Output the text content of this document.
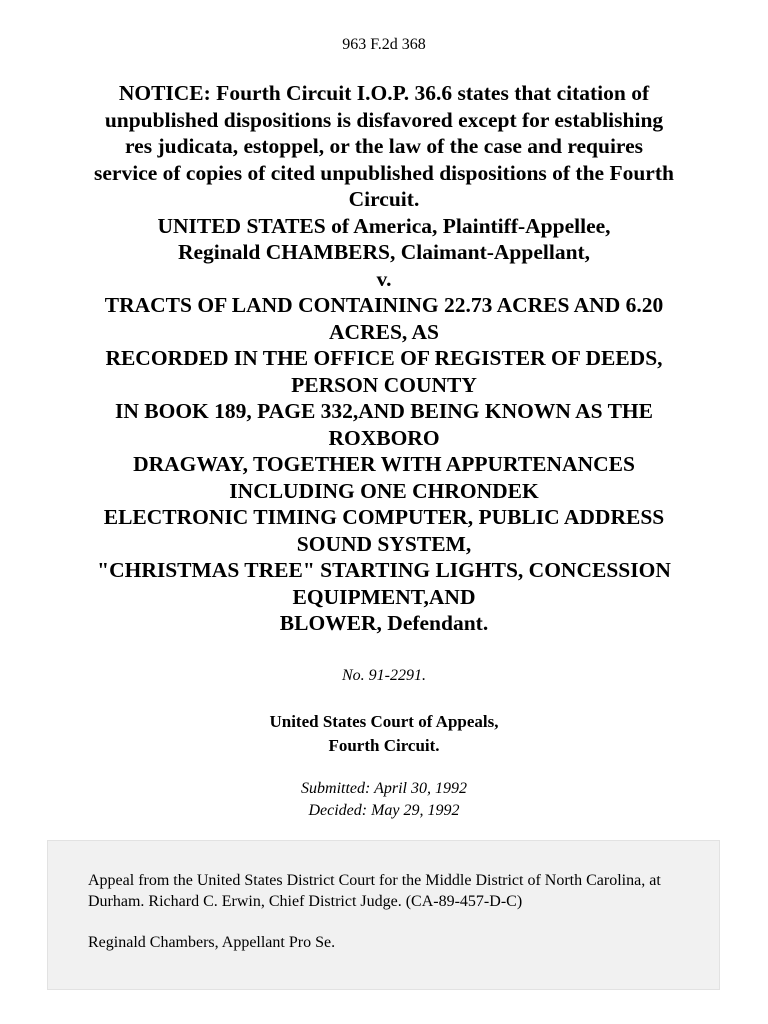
963 F.2d 368
NOTICE: Fourth Circuit I.O.P. 36.6 states that citation of
unpublished dispositions is disfavored except for establishing
res judicata, estoppel, or the law of the case and requires
service of copies of cited unpublished dispositions of the Fourth
Circuit.
UNITED STATES of America, Plaintiff-Appellee,
Reginald CHAMBERS, Claimant-Appellant,
v.
TRACTS OF LAND CONTAINING 22.73 ACRES AND 6.20
ACRES, AS
RECORDED IN THE OFFICE OF REGISTER OF DEEDS,
PERSON COUNTY
IN BOOK 189, PAGE 332,AND BEING KNOWN AS THE
ROXBORO
DRAGWAY, TOGETHER WITH APPURTENANCES
INCLUDING ONE CHRONDEK
ELECTRONIC TIMING COMPUTER, PUBLIC ADDRESS
SOUND SYSTEM,
"CHRISTMAS TREE" STARTING LIGHTS, CONCESSION
EQUIPMENT,AND
BLOWER, Defendant.
No. 91-2291.
United States Court of Appeals,
Fourth Circuit.
Submitted: April 30, 1992
Decided: May 29, 1992

Appeal from the United States District Court for the Middle District of North Carolina, at Durham. Richard C. Erwin, Chief District Judge. (CA-89-457-D-C)

Reginald Chambers, Appellant Pro Se.
